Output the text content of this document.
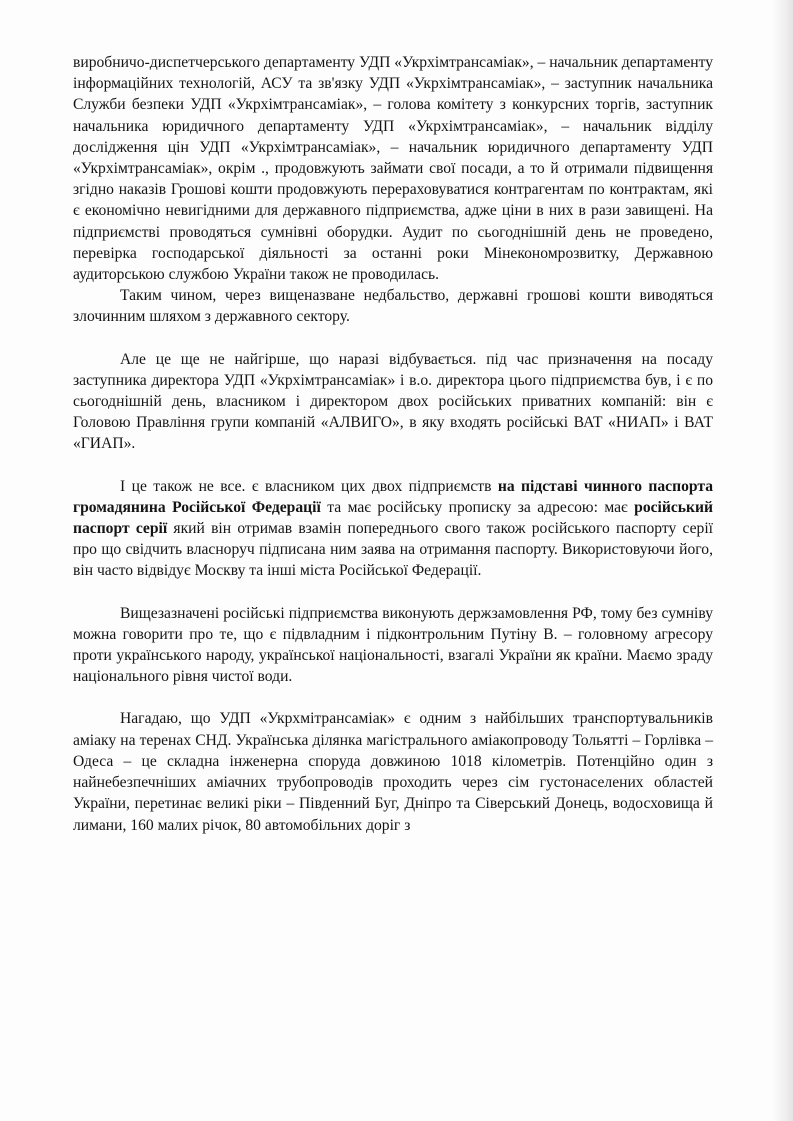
виробничо-диспетчерського департаменту УДП «Укрхімтрансаміак», – начальник департаменту інформаційних технологій, АСУ та зв'язку УДП «Укрхімтрансаміак», – заступник начальника Служби безпеки УДП «Укрхімтрансаміак», – голова комітету з конкурсних торгів, заступник начальника юридичного департаменту УДП «Укрхімтрансаміак», – начальник відділу дослідження цін УДП «Укрхімтрансаміак», – начальник юридичного департаменту УДП «Укрхімтрансаміак», окрім ., продовжують займати свої посади, а то й отримали підвищення згідно наказів Грошові кошти продовжують перераховуватися контрагентам по контрактам, які є економічно невигідними для державного підприємства, адже ціни в них в рази завищені. На підприємстві проводяться сумнівні оборудки. Аудит по сьогоднішній день не проведено, перевірка господарської діяльності за останні роки Мінекономрозвитку, Державною аудиторською службою України також не проводилась.

Таким чином, через вищеназване недбальство, державні грошові кошти виводяться злочинним шляхом з державного сектору.

Але це ще не найгірше, що наразі відбувається. під час призначення на посаду заступника директора УДП «Укрхімтрансаміак» і в.о. директора цього підприємства був, і є по сьогоднішній день, власником і директором двох російських приватних компаній: він є Головою Правління групи компаній «АЛВИГО», в яку входять російські ВАТ «НИАП» і ВАТ «ГИАП».

І це також не все. є власником цих двох підприємств на підставі чинного паспорта громадянина Російської Федерації та має російську прописку за адресою: має російський паспорт серії який він отримав взамін попереднього свого також російського паспорту серії про що свідчить власноруч підписана ним заява на отримання паспорту. Використовуючи його, він часто відвідує Москву та інші міста Російської Федерації.

Вищезазначені російські підприємства виконують держзамовлення РФ, тому без сумніву можна говорити про те, що є підвладним і підконтрольним Путіну В. – головному агресору проти українського народу, української національності, взагалі України як країни. Маємо зраду національного рівня чистої води.

Нагадаю, що УДП «Укрхмітрансаміак» є одним з найбільших транспортувальників аміаку на теренах СНД. Українська ділянка магістрального аміакопроводу Тольятті – Горлівка – Одеса – це складна інженерна споруда довжиною 1018 кілометрів. Потенційно один з найнебезпечніших аміачних трубопроводів проходить через сім густонаселених областей України, перетинає великі ріки – Південний Буг, Дніпро та Сіверський Донець, водосховища й лимани, 160 малих річок, 80 автомобільних доріг з
